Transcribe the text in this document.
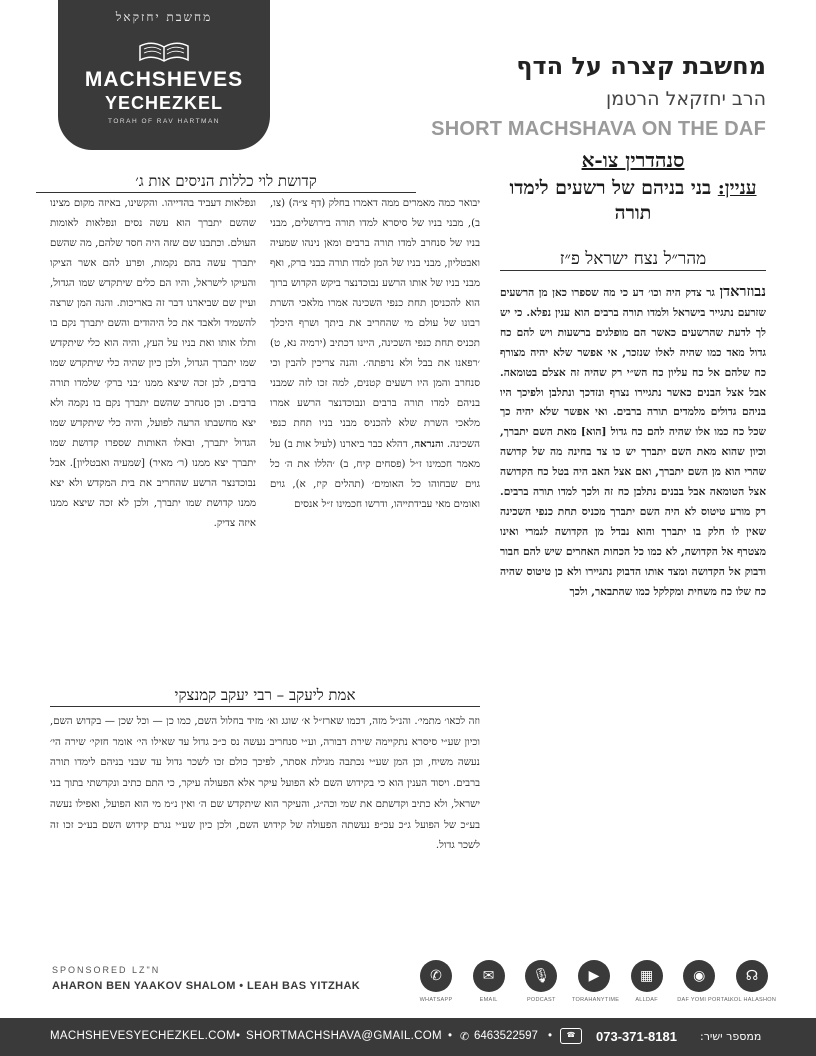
מחשבת יחזקאל
MACHSHEVES
YECHEZKEL
TORAH OF RAV HARTMAN
מחשבת קצרה על הדף
הרב יחזקאל הרטמן
SHORT MACHSHAVA ON THE DAF
סנהדרין צו-א
עניין: בני בניהם של רשעים לימדו תורה
מהר״ל נצח ישראל פ״ז
נבוזראדן גר צדק היה וכו׳ דע כי מה שספרו כאן מן הרשעים שזרעם נתגייר בישראל ולמדו תורה ברבים הוא ענין נפלא. כי יש לך לדעת שהרשעים כאשר הם מופלגים ברשעות ויש להם כח גדול מאד כמו שהיה לאלו שנזכר, אי אפשר שלא יהיה מצורף כח שלהם אל כח עליון כח הש״י רק שהיה זה אצלם בטומאה. אבל אצל הבנים כאשר נתגיירו נצרף ונזדכך ונתלבן ולפיכך היו בניהם גדולים מלמדים תורה ברבים. ואי אפשר שלא יהיה כך שכל כח כמו אלו שהיה להם כח גדול [הוא] מאת השם יתברך, וכיון שהוא מאת השם יתברך יש כו צד בחינה מה של קדושה שהרי הוא מן השם יתברך, ואם אצל האב היה בטל כח הקדושה אצל הטומאה אבל בבנים נתלבן כח זה ולכך למדו תורה ברבים. רק מורע טיטוס לא היה השם יתברך מכניס תחת כנפי השכינה שאין לו חלק בו יתברך והוא נבדל מן הקדושה לגמרי ואינו מצטרף אל הקדושה, לא כמו כל הכחות האחרים שיש להם חבור ודבוק אל הקדושה ומצד אותו הדבוק נתגיירו ולא כן טיטוס שהיה כח שלו כח משחית ומקלקל כמו שהתבאר, ולכך
קדושת לוי כללות הניסים אות ג׳
יבואר כמה מאמרים ממה דאמרו בחלק (דף צ״ה) (צו, ב), מבני בניו של סיסרא למדו תורה בירושלים, מבני בניו של סנחרב למדו תורה ברבים ומאן נינהו שמעיה ואבטליון, מבני בניו של המן למדו תורה בבני ברק, ואף מבני בניו של אותו הרשע נבוכדנצר ביקש הקדוש ברוך הוא להכניסן תחת כנפי השכינה אמרו מלאכי השרת רבונו של עולם מי שהחריב את ביתך ושרף היכלך תכניס תחת כנפי השכינה, היינו דכתיב (ירמיה נא, ט) ׳רפאנו את בבל ולא נרפתה׳. והנה צריכין להבין וכי סנחרב והמן היו רשעים קטנים, למה זכו לזה שמבני בניהם למדו תורה ברבים ונבוכדנצר הרשע אמרו מלאכי השרת שלא להכניס מבני בניו תחת כנפי השכינה. והנראה, דהלא כבר ביארנו (לעיל אות ב) על מאמר חכמינו ז״ל (פסחים קיח, ב) ׳הללו את ה׳ כל גוים שבחוהו כל האומים׳ (תהלים קיז, א), גוים ואומים מאי עבידתייהו, ודרשו חכמינו ז״ל אנסים
ונפלאות דעביד בהדייהו. והקשינו, באיזה מקום מצינו שהשם יתברך הוא עשה נסים ונפלאות לאומות העולם. וכתבנו שם שזה היה חסד שלהם, מה שהשם יתברך עשה בהם נקמות, ופרע להם אשר הציקו והעיקו לישראל, והיו הם כלים שיתקדש שמו הגדול, ועיין שם שביארנו דבר זה באריכות. והנה המן שרצה להשמיד ולאבד את כל היהודים והשם יתברך נקם בו ותלו אותו ואת בניו על העץ, והיה הוא כלי שיתקדש שמו יתברך הגדול, ולכן כיון שהיה כלי שיתקדש שמו ברבים, לכן זכה שיצא ממנו ׳בני ברק׳ שלמדו תורה ברבים. וכן סנחרב שהשם יתברך נקם בו נקמה ולא יצא מחשבתו הרעה לפועל, והיה כלי שיתקדש שמו הגדול יתברך, ובאלו האותות שספרו קדושת שמו יתברך יצא ממנו (ר׳ מאיר) [שמעיה ואבטליון]. אבל נבוכדנצר הרשע שהחריב את בית המקדש ולא יצא ממנו קדושת שמו יתברך, ולכן לא זכה שיצא ממנו איזה צדיק.
אמת ליעקב – רבי יעקב קמנצקי
וזה לכאו׳ מתמי׳. והנ״ל מזה, דכמו שארז״ל א׳ שוגג וא׳ מזיד בחלול השם, כמו כן — וכל שכן — בקדוש השם, וכיון שע״י סיסרא נתקיימה שירת דבורה, וע״י סנחריב נעשה נס כ״כ גדול עד שאילו הי׳ אומר חזקי׳ שירה הי׳ נעשה משיח, וכן המן שע״י נכתבה מגילת אסתר, לפיכך כולם זכו לשכר גדול עד שבני בניהם לימדו תורה ברבים. ויסוד הענין הוא כי בקידוש השם לא הפועל עיקר אלא הפעולה עיקר, כי התם כתיב ונקדשתי בתוך בני ישראל, ולא כתיב וקדשתם את שמי וכה״ג, והעיקר הוא שיתקדש שם ה׳ ואין נ״מ מי הוא הפועל, ואפילו נעשה בע״כ של הפועל ג״כ עכ״פ נעשתה הפעולה של קידוש השם, ולכן כיון שע״י נגרם קידוש השם בע״כ זכו זה לשכר גדול.
SPONSORED LZ"N
AHARON BEN YAAKOV SHALOM • LEAH BAS YITZHAK
✆
WHATSAPP
✉
EMAIL
🎙
PODCAST
▶
TORAHANYTIME
▦
ALLDAF
◉
DAF YOMI PORTAL
☊
KOL HALASHON
MACHSHEVESYECHEZKEL.COM • SHORTMACHSHAVA@GMAIL.COM • ✆ 6463522597 •	☎	073-371-8181 ממספר ישיר:
